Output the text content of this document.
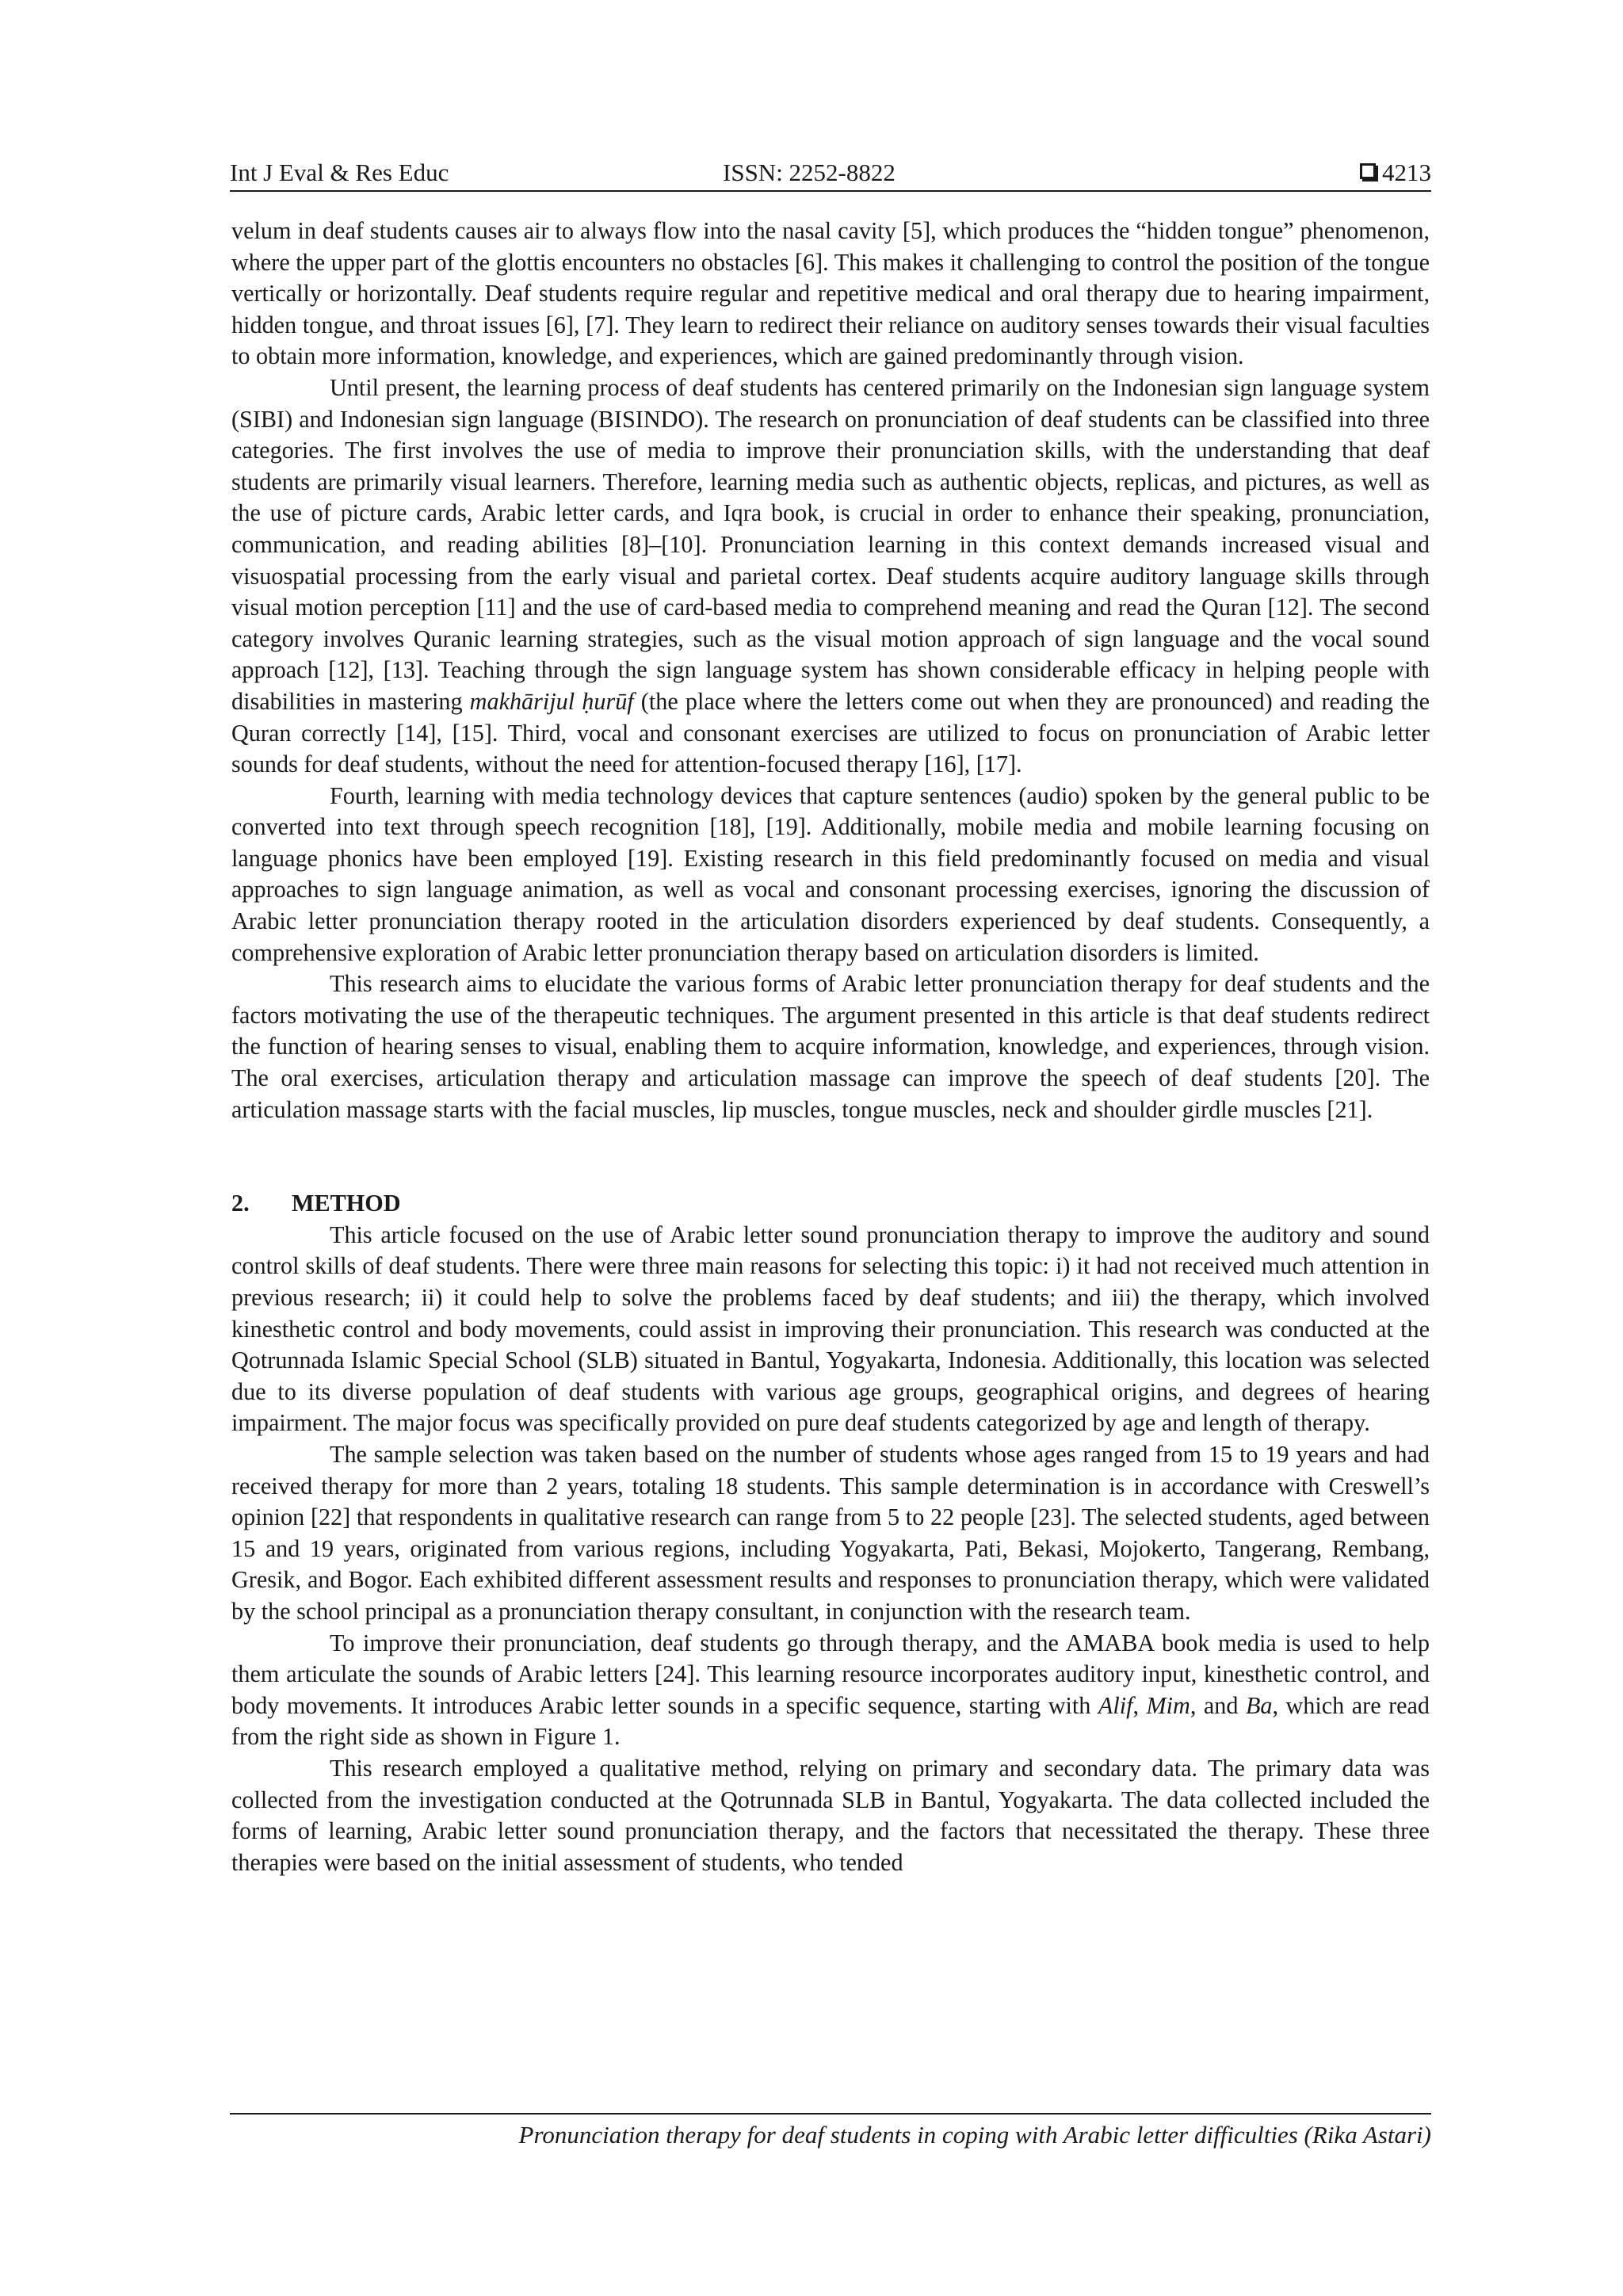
Int J Eval & Res Educ	ISSN: 2252-8822	4213

velum in deaf students causes air to always flow into the nasal cavity [5], which produces the “hidden tongue” phenomenon, where the upper part of the glottis encounters no obstacles [6]. This makes it challenging to control the position of the tongue vertically or horizontally. Deaf students require regular and repetitive medical and oral therapy due to hearing impairment, hidden tongue, and throat issues [6], [7]. They learn to redirect their reliance on auditory senses towards their visual faculties to obtain more information, knowledge, and experiences, which are gained predominantly through vision.

Until present, the learning process of deaf students has centered primarily on the Indonesian sign language system (SIBI) and Indonesian sign language (BISINDO). The research on pronunciation of deaf students can be classified into three categories. The first involves the use of media to improve their pronunciation skills, with the understanding that deaf students are primarily visual learners. Therefore, learning media such as authentic objects, replicas, and pictures, as well as the use of picture cards, Arabic letter cards, and Iqra book, is crucial in order to enhance their speaking, pronunciation, communication, and reading abilities [8]–[10]. Pronunciation learning in this context demands increased visual and visuospatial processing from the early visual and parietal cortex. Deaf students acquire auditory language skills through visual motion perception [11] and the use of card-based media to comprehend meaning and read the Quran [12]. The second category involves Quranic learning strategies, such as the visual motion approach of sign language and the vocal sound approach [12], [13]. Teaching through the sign language system has shown considerable efficacy in helping people with disabilities in mastering makhārijul ḥurūf (the place where the letters come out when they are pronounced) and reading the Quran correctly [14], [15]. Third, vocal and consonant exercises are utilized to focus on pronunciation of Arabic letter sounds for deaf students, without the need for attention-focused therapy [16], [17].

Fourth, learning with media technology devices that capture sentences (audio) spoken by the general public to be converted into text through speech recognition [18], [19]. Additionally, mobile media and mobile learning focusing on language phonics have been employed [19]. Existing research in this field predominantly focused on media and visual approaches to sign language animation, as well as vocal and consonant processing exercises, ignoring the discussion of Arabic letter pronunciation therapy rooted in the articulation disorders experienced by deaf students. Consequently, a comprehensive exploration of Arabic letter pronunciation therapy based on articulation disorders is limited.

This research aims to elucidate the various forms of Arabic letter pronunciation therapy for deaf students and the factors motivating the use of the therapeutic techniques. The argument presented in this article is that deaf students redirect the function of hearing senses to visual, enabling them to acquire information, knowledge, and experiences, through vision. The oral exercises, articulation therapy and articulation massage can improve the speech of deaf students [20]. The articulation massage starts with the facial muscles, lip muscles, tongue muscles, neck and shoulder girdle muscles [21].

2. METHOD

This article focused on the use of Arabic letter sound pronunciation therapy to improve the auditory and sound control skills of deaf students. There were three main reasons for selecting this topic: i) it had not received much attention in previous research; ii) it could help to solve the problems faced by deaf students; and iii) the therapy, which involved kinesthetic control and body movements, could assist in improving their pronunciation. This research was conducted at the Qotrunnada Islamic Special School (SLB) situated in Bantul, Yogyakarta, Indonesia. Additionally, this location was selected due to its diverse population of deaf students with various age groups, geographical origins, and degrees of hearing impairment. The major focus was specifically provided on pure deaf students categorized by age and length of therapy.

The sample selection was taken based on the number of students whose ages ranged from 15 to 19 years and had received therapy for more than 2 years, totaling 18 students. This sample determination is in accordance with Creswell’s opinion [22] that respondents in qualitative research can range from 5 to 22 people [23]. The selected students, aged between 15 and 19 years, originated from various regions, including Yogyakarta, Pati, Bekasi, Mojokerto, Tangerang, Rembang, Gresik, and Bogor. Each exhibited different assessment results and responses to pronunciation therapy, which were validated by the school principal as a pronunciation therapy consultant, in conjunction with the research team.

To improve their pronunciation, deaf students go through therapy, and the AMABA book media is used to help them articulate the sounds of Arabic letters [24]. This learning resource incorporates auditory input, kinesthetic control, and body movements. It introduces Arabic letter sounds in a specific sequence, starting with Alif, Mim, and Ba, which are read from the right side as shown in Figure 1.

This research employed a qualitative method, relying on primary and secondary data. The primary data was collected from the investigation conducted at the Qotrunnada SLB in Bantul, Yogyakarta. The data collected included the forms of learning, Arabic letter sound pronunciation therapy, and the factors that necessitated the therapy. These three therapies were based on the initial assessment of students, who tended

Pronunciation therapy for deaf students in coping with Arabic letter difficulties (Rika Astari)
